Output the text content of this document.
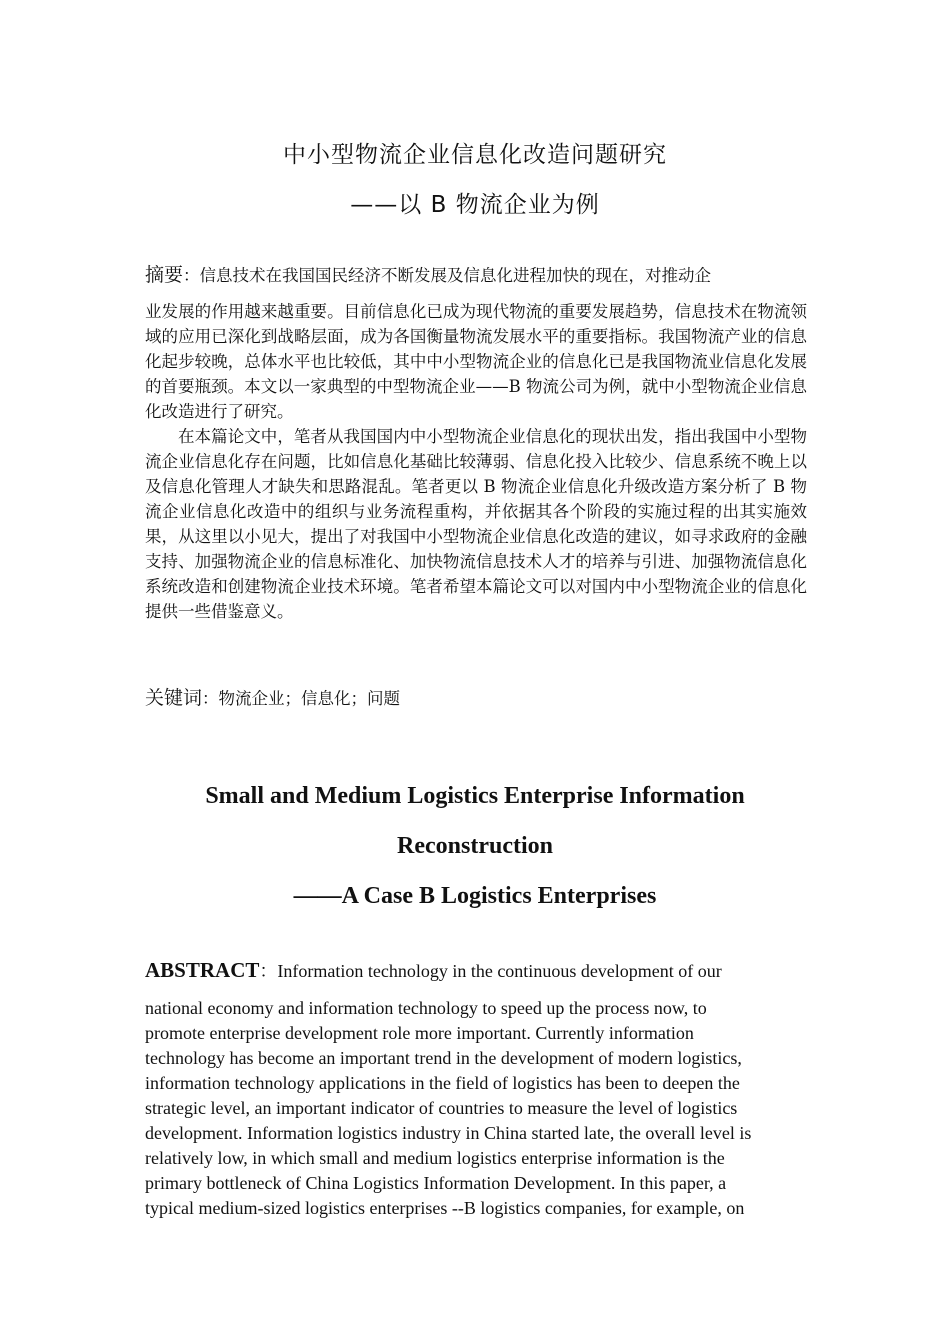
中小型物流企业信息化改造问题研究
——以 B 物流企业为例
摘要：信息技术在我国国民经济不断发展及信息化进程加快的现在，对推动企

业发展的作用越来越重要。目前信息化已成为现代物流的重要发展趋势，信息技术在物流领域的应用已深化到战略层面，成为各国衡量物流发展水平的重要指标。我国物流产业的信息化起步较晚，总体水平也比较低，其中中小型物流企业的信息化已是我国物流业信息化发展的首要瓶颈。本文以一家典型的中型物流企业——B 物流公司为例，就中小型物流企业信息化改造进行了研究。

在本篇论文中，笔者从我国国内中小型物流企业信息化的现状出发，指出我国中小型物流企业信息化存在问题，比如信息化基础比较薄弱、信息化投入比较少、信息系统不晚上以及信息化管理人才缺失和思路混乱。笔者更以 B 物流企业信息化升级改造方案分析了 B 物流企业信息化改造中的组织与业务流程重构，并依据其各个阶段的实施过程的出其实施效果，从这里以小见大，提出了对我国中小型物流企业信息化改造的建议，如寻求政府的金融支持、加强物流企业的信息标准化、加快物流信息技术人才的培养与引进、加强物流信息化系统改造和创建物流企业技术环境。笔者希望本篇论文可以对国内中小型物流企业的信息化提供一些借鉴意义。

关键词：物流企业；信息化；问题
Small and Medium Logistics Enterprise Information
Reconstruction
——A Case B Logistics Enterprises
ABSTRACT：Information technology in the continuous development of our
national economy and information technology to speed up the process now, to
promote enterprise development role more important. Currently information
technology has become an important trend in the development of modern logistics,
information technology applications in the field of logistics has been to deepen the
strategic level, an important indicator of countries to measure the level of logistics
development. Information logistics industry in China started late, the overall level is
relatively low, in which small and medium logistics enterprise information is the
primary bottleneck of China Logistics Information Development. In this paper, a
typical medium-sized logistics enterprises --B logistics companies, for example, on
